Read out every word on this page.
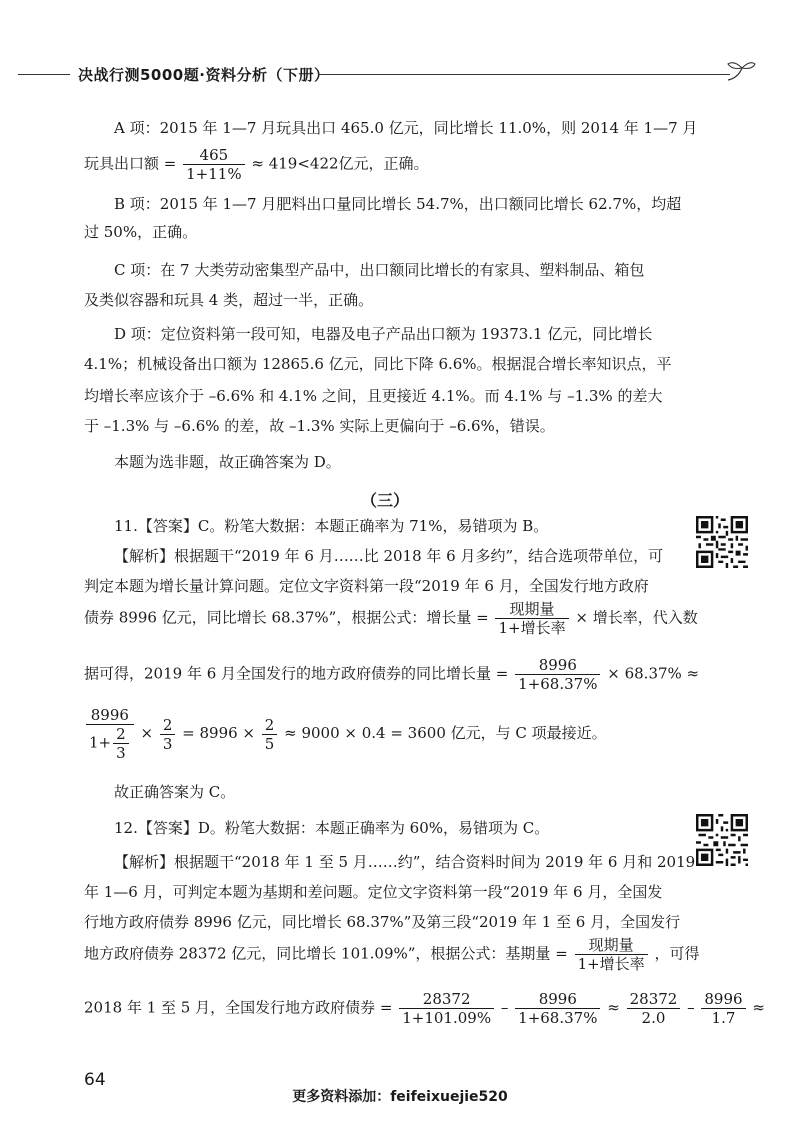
决战行测5000题·资料分析（下册）
A 项：2015 年 1—7 月玩具出口 465.0 亿元，同比增长 11.0%，则 2014 年 1—7 月
玩具出口额 = $\frac{465}{1+11\%} \approx 419<422$亿元，正确。
B 项：2015 年 1—7 月肥料出口量同比增长 54.7%，出口额同比增长 62.7%，均超
过 50%，正确。
C 项：在 7 大类劳动密集型产品中，出口额同比增长的有家具、塑料制品、箱包
及类似容器和玩具 4 类，超过一半，正确。
D 项：定位资料第一段可知，电器及电子产品出口额为 19373.1 亿元，同比增长
4.1%；机械设备出口额为 12865.6 亿元，同比下降 6.6%。根据混合增长率知识点，平
均增长率应该介于 –6.6% 和 4.1% 之间，且更接近 4.1%。而 4.1% 与 –1.3% 的差大
于 –1.3% 与 –6.6% 的差，故 –1.3% 实际上更偏向于 –6.6%，错误。
本题为选非题，故正确答案为 D。
（三）
11.【答案】C。粉笔大数据：本题正确率为 71%，易错项为 B。
【解析】根据题干“2019 年 6 月……比 2018 年 6 月多约”，结合选项带单位，可
判定本题为增长量计算问题。定位文字资料第一段“2019 年 6 月，全国发行地方政府
债券 8996 亿元，同比增长 68.37%”，根据公式：增长量 = $\frac{\text{现期量}}{\text{1+增长率}}$ × 增长率，代入数
据可得，2019 年 6 月全国发行的地方政府债券的同比增长量 = $\frac{8996}{1+68.37\%} \times 68.37\%$ ≈
$\frac{8996}{1+ \frac{2}{3}} \times \frac{2}{3} = 8996 \times \frac{2}{5} \approx 9000 \times 0.4 = 3600$ 亿元，与 C 项最接近。
故正确答案为 C。
12.【答案】D。粉笔大数据：本题正确率为 60%，易错项为 C。
【解析】根据题干“2018 年 1 至 5 月……约”，结合资料时间为 2019 年 6 月和 2019
年 1—6 月，可判定本题为基期和差问题。定位文字资料第一段“2019 年 6 月，全国发
行地方政府债券 8996 亿元，同比增长 68.37%”及第三段“2019 年 1 至 6 月，全国发行
地方政府债券 28372 亿元，同比增长 101.09%”，根据公式：基期量 = $\frac{\text{现期量}}{\text{1+增长率}}$ ，可得
2018 年 1 至 5 月，全国发行地方政府债券 = $\frac{28372}{1+101.09\%} - \frac{8996}{1+68.37\%} \approx \frac{28372}{2.0} - \frac{8996}{1.7}$ ≈
64
更多资料添加：feifeixuejie520
